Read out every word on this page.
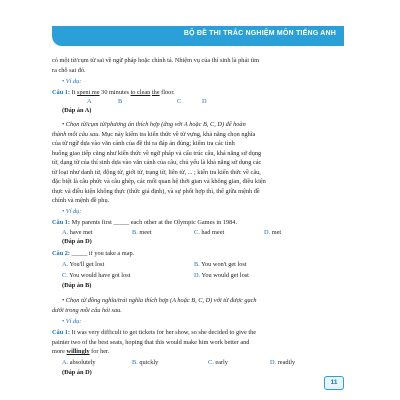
BỘ ĐỀ THI TRẮC NGHIỆM MÔN TIẾNG ANH
có một từ/cụm từ sai về ngữ pháp hoặc chính tả. Nhiệm vụ của thí sinh là phải tìm
ra chỗ sai đó.
• Ví dụ:
Câu 1: It spent me 30 minutes to clean the floor.
A	B	C	D
(Đáp án A)
• Chọn từ/cụm từ/phương án thích hợp (ứng với A hoặc B, C, D) để hoàn
thành mỗi câu sau. Mục này kiểm tra kiến thức về từ vựng, khả năng chọn nghĩa
của từ ngữ dựa vào văn cảnh của đề thi ra đáp án đúng; kiểm tra các tình
huống giao tiếp cũng như kiến thức về ngữ pháp và cấu trúc câu, khả năng sử dụng
từ, dạng từ của thí sinh dựa vào văn cảnh của câu, chủ yếu là khả năng sử dụng các
từ loại như danh từ, động từ, giới từ, trạng từ, liên từ, ... ; kiến tra kiến thức về câu,
đặc biệt là câu phức và câu ghép, các mối quan hệ thời gian và không gian, điều kiện
thực và điều kiện không thực (thức giả định), và sự phối hợp thì, thể giữa mệnh đề
chính và mệnh đề phụ.
• Ví dụ:
Câu 1: My parents first _____ each other at the Olympic Games in 1984.
A. have met	B. meet	C. had meet	D. met
(Đáp án D)
Câu 2: _____ if you take a map.
A. You'll get lost	B. You won't get lost
C. You would have got lost	D. You would get lost
(Đáp án B)
• Chọn từ đồng nghĩa/trái nghĩa thích hợp (A hoặc B, C, D) với từ được gạch
dưới trong mỗi câu hỏi sau.
• Ví dụ:
Câu 1: It was very difficult to get tickets for her show, so she decided to give the
painter two of the best seats, hoping that this would make him work better and
more willingly for her.
A. absolutely	B. quickly	C. early	D. readily
(Đáp án D)
11
